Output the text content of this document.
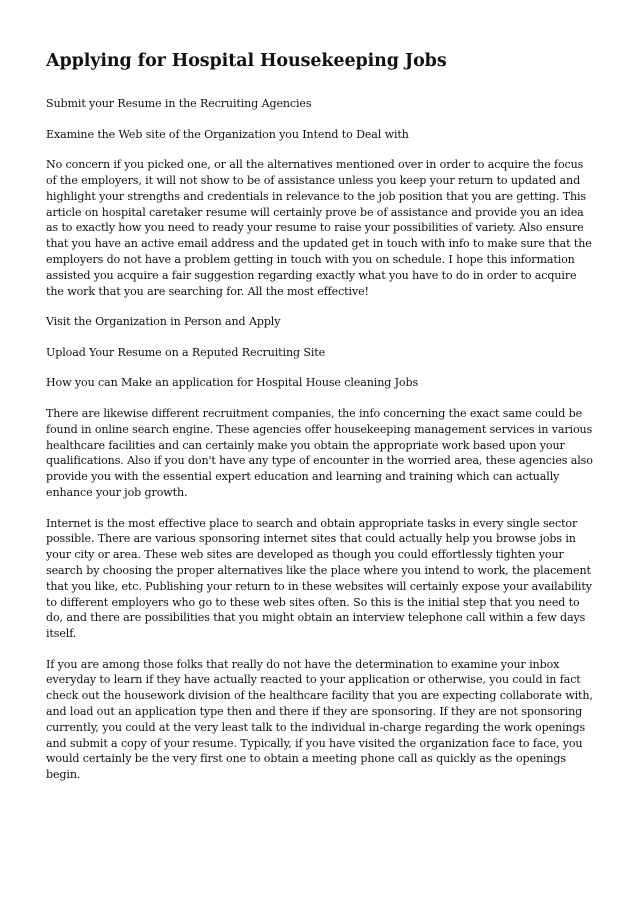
Applying for Hospital Housekeeping Jobs

Submit your Resume in the Recruiting Agencies

Examine the Web site of the Organization you Intend to Deal with

No concern if you picked one, or all the alternatives mentioned over in order to acquire the focus of the employers, it will not show to be of assistance unless you keep your return to updated and highlight your strengths and credentials in relevance to the job position that you are getting. This article on hospital caretaker resume will certainly prove be of assistance and provide you an idea as to exactly how you need to ready your resume to raise your possibilities of variety. Also ensure that you have an active email address and the updated get in touch with info to make sure that the employers do not have a problem getting in touch with you on schedule. I hope this information assisted you acquire a fair suggestion regarding exactly what you have to do in order to acquire the work that you are searching for. All the most effective!

Visit the Organization in Person and Apply

Upload Your Resume on a Reputed Recruiting Site

How you can Make an application for Hospital House cleaning Jobs

There are likewise different recruitment companies, the info concerning the exact same could be found in online search engine. These agencies offer housekeeping management services in various healthcare facilities and can certainly make you obtain the appropriate work based upon your qualifications. Also if you don't have any type of encounter in the worried area, these agencies also provide you with the essential expert education and learning and training which can actually enhance your job growth.

Internet is the most effective place to search and obtain appropriate tasks in every single sector possible. There are various sponsoring internet sites that could actually help you browse jobs in your city or area. These web sites are developed as though you could effortlessly tighten your search by choosing the proper alternatives like the place where you intend to work, the placement that you like, etc. Publishing your return to in these websites will certainly expose your availability to different employers who go to these web sites often. So this is the initial step that you need to do, and there are possibilities that you might obtain an interview telephone call within a few days itself.

If you are among those folks that really do not have the determination to examine your inbox everyday to learn if they have actually reacted to your application or otherwise, you could in fact check out the housework division of the healthcare facility that you are expecting collaborate with, and load out an application type then and there if they are sponsoring. If they are not sponsoring currently, you could at the very least talk to the individual in-charge regarding the work openings and submit a copy of your resume. Typically, if you have visited the organization face to face, you would certainly be the very first one to obtain a meeting phone call as quickly as the openings begin.
